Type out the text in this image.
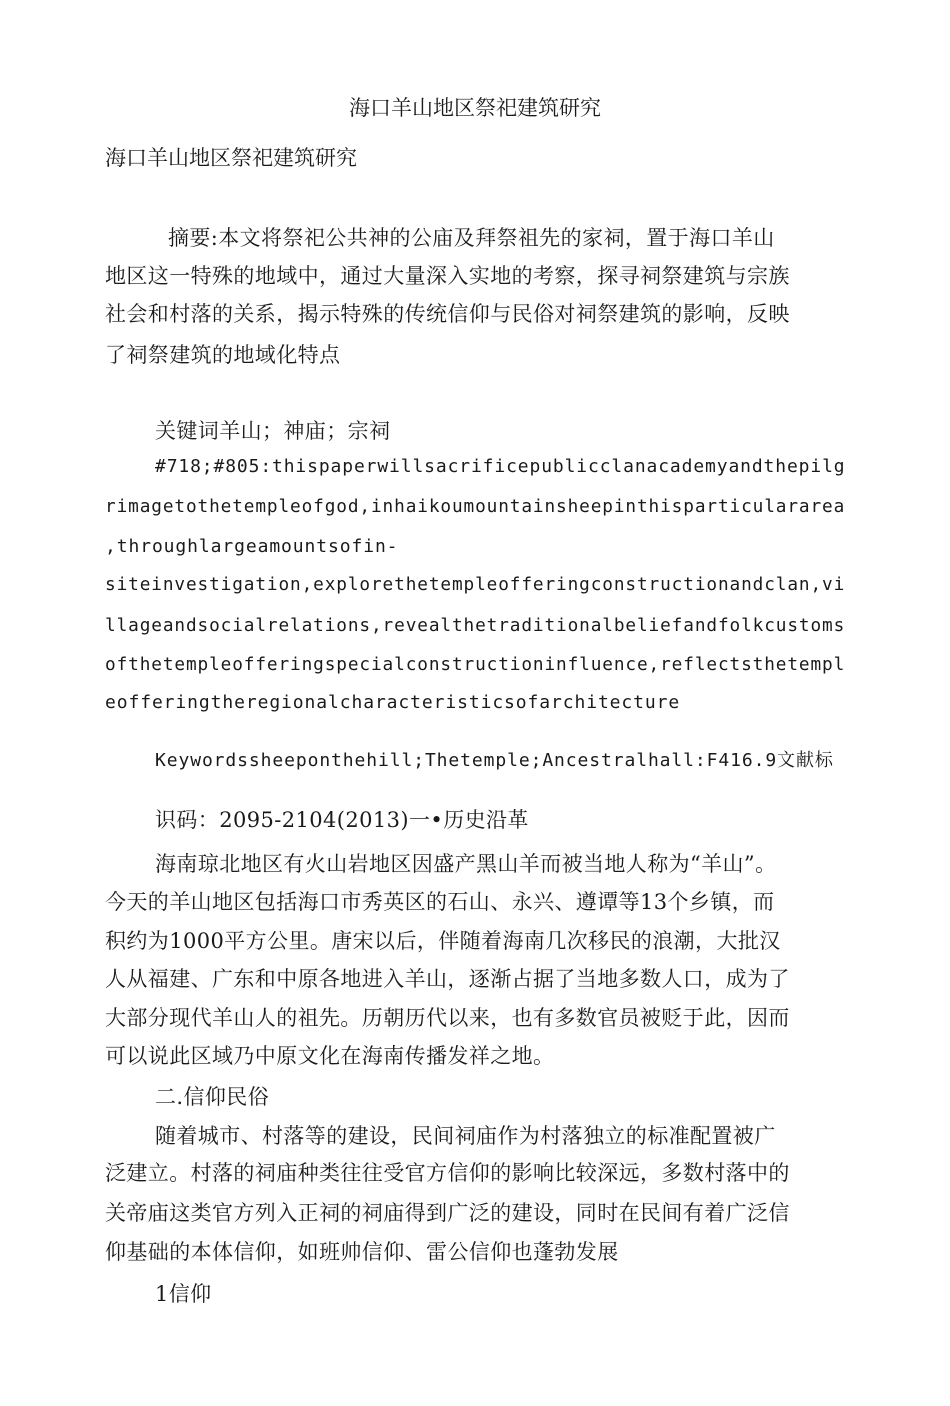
海口羊山地区祭祀建筑研究

海口羊山地区祭祀建筑研究

摘要:本文将祭祀公共神的公庙及拜祭祖先的家祠，置于海口羊山

地区这一特殊的地域中，通过大量深入实地的考察，探寻祠祭建筑与宗族

社会和村落的关系，揭示特殊的传统信仰与民俗对祠祭建筑的影响，反映

了祠祭建筑的地域化特点

关键词羊山；神庙；宗祠

#718;#805:thispaperwillsacrificepublicclanacademyandthepilg

rimagetothetempleofgod,inhaikoumountainsheepinthisparticulararea

,throughlargeamountsofin-

siteinvestigation,explorethetempleofferingconstructionandclan,vi

llageandsocialrelations,revealthetraditionalbeliefandfolkcustoms

ofthetempleofferingspecialconstructioninfluence,reflectsthetempl

eofferingtheregionalcharacteristicsofarchitecture

Keywordssheeponthehill;Thetemple;Ancestralhall:F416.9文献标

识码：2095-2104(2013)一•历史沿革

海南琼北地区有火山岩地区因盛产黑山羊而被当地人称为“羊山”。

今天的羊山地区包括海口市秀英区的石山、永兴、遵谭等13个乡镇，而

积约为1000平方公里。唐宋以后，伴随着海南几次移民的浪潮，大批汉

人从福建、广东和中原各地进入羊山，逐渐占据了当地多数人口，成为了

大部分现代羊山人的祖先。历朝历代以来，也有多数官员被贬于此，因而

可以说此区域乃中原文化在海南传播发祥之地。

二.信仰民俗

随着城市、村落等的建设，民间祠庙作为村落独立的标准配置被广

泛建立。村落的祠庙种类往往受官方信仰的影响比较深远，多数村落中的

关帝庙这类官方列入正祠的祠庙得到广泛的建设，同时在民间有着广泛信

仰基础的本体信仰，如班帅信仰、雷公信仰也蓬勃发展

1信仰
